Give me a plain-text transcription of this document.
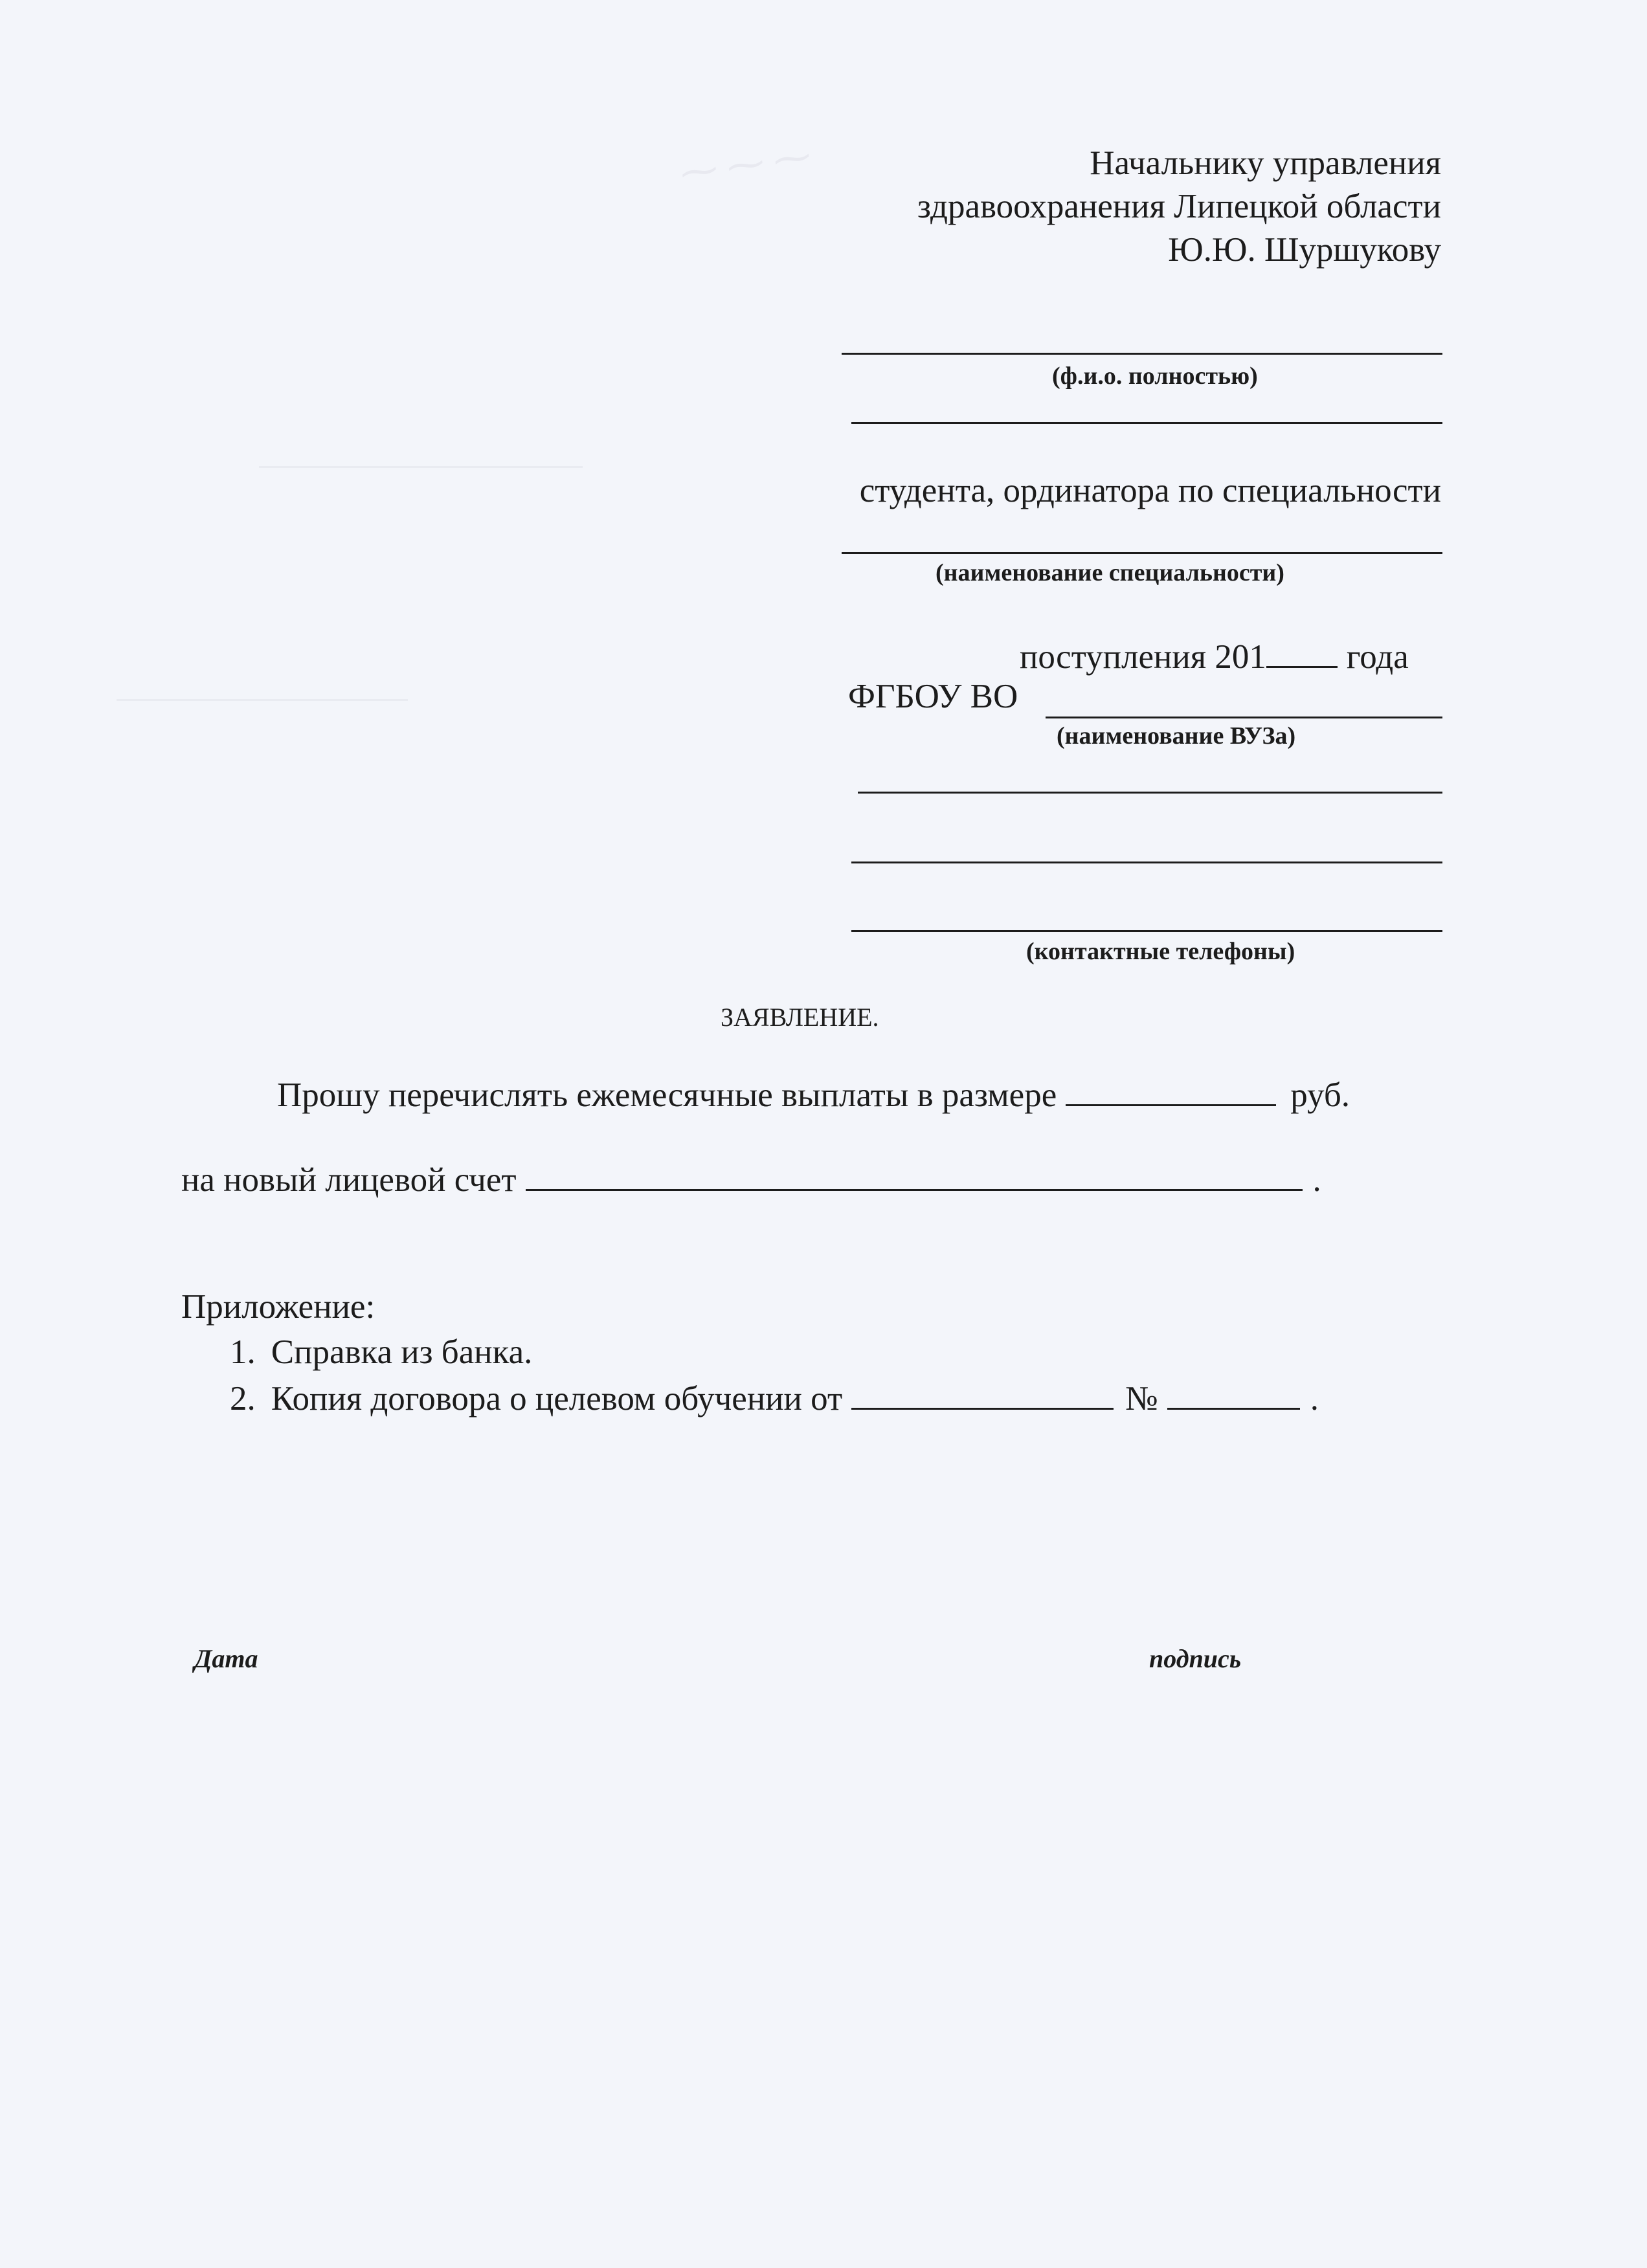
⁓ ⁓ ⁓	Начальнику управления
здравоохранения Липецкой области
Ю.Ю. Шуршукову
(ф.и.о. полностью)
студента, ординатора по специальности
(наименование специальности)
поступления 201 года
ФГБОУ ВО
(наименование ВУЗа)
(контактные телефоны)
ЗАЯВЛЕНИЕ.
Прошу перечислять ежемесячные выплаты в размере	руб.
на новый лицевой счет	.
Приложение:
1. Справка из банка.
2. Копия договора о целевом обучении от	№	.
Дата	подпись
